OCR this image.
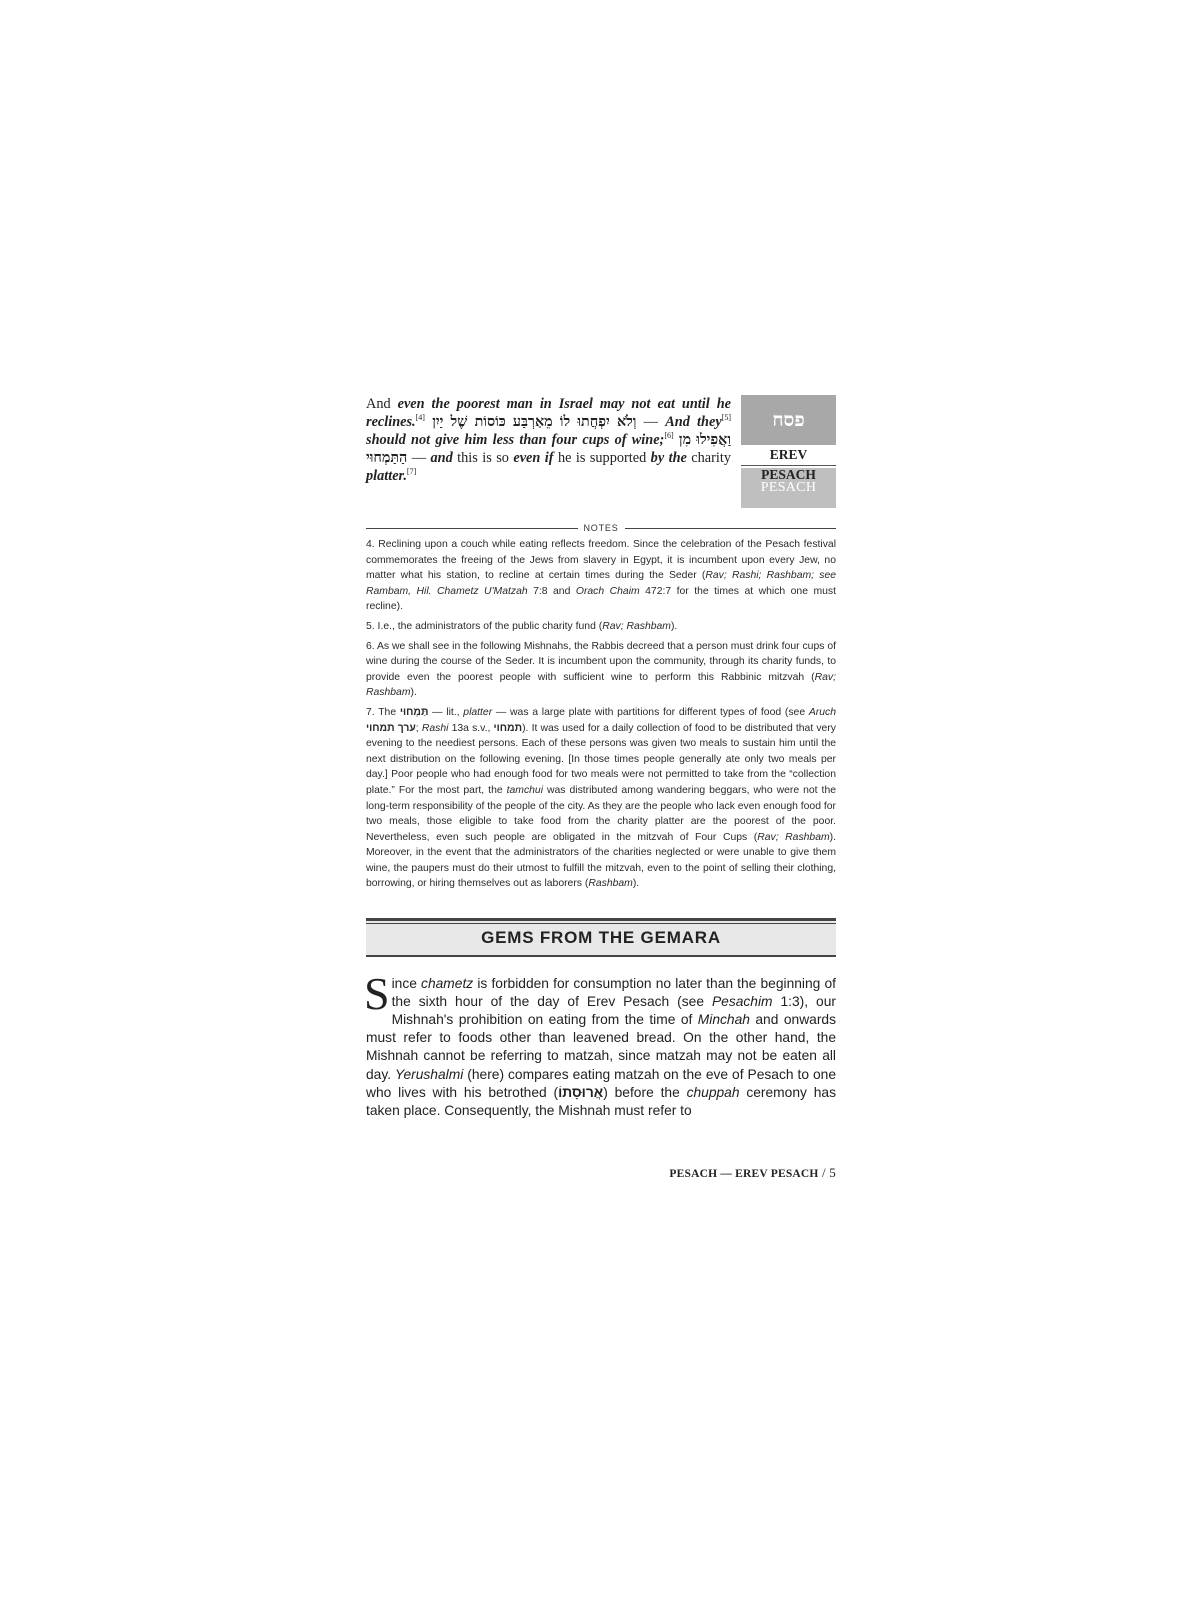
And even the poorest man in Israel may not eat until he reclines.[4] וְלֹא יִפְחֲתוּ לוֹ מֵאַרְבַּע כּוֹסוֹת שֶׁל יַיִן — And they[5] should not give him less than four cups of wine;[6] וַאֲפִילוּ מִן הַתַּמְחוּי — and this is so even if he is supported by the charity platter.[7]

פסח
EREV PESACH
PESACH
NOTES

4. Reclining upon a couch while eating reflects freedom. Since the celebration of the Pesach festival commemorates the freeing of the Jews from slavery in Egypt, it is incumbent upon every Jew, no matter what his station, to recline at certain times during the Seder (Rav; Rashi; Rashbam; see Rambam, Hil. Chametz U'Matzah 7:8 and Orach Chaim 472:7 for the times at which one must recline).

5. I.e., the administrators of the public charity fund (Rav; Rashbam).

6. As we shall see in the following Mishnahs, the Rabbis decreed that a person must drink four cups of wine during the course of the Seder. It is incumbent upon the community, through its charity funds, to provide even the poorest people with sufficient wine to perform this Rabbinic mitzvah (Rav; Rashbam).

7. The תַּמְחוּי — lit., platter — was a large plate with partitions for different types of food (see Aruch ערך תמחוי; Rashi 13a s.v., תמחוי). It was used for a daily collection of food to be distributed that very evening to the neediest persons. Each of these persons was given two meals to sustain him until the next distribution on the following evening. [In those times people generally ate only two meals per day.] Poor people who had enough food for two meals were not permitted to take from the “collection plate.” For the most part, the tamchui was distributed among wandering beggars, who were not the long-term responsibility of the people of the city. As they are the people who lack even enough food for two meals, those eligible to take food from the charity platter are the poorest of the poor. Nevertheless, even such people are obligated in the mitzvah of Four Cups (Rav; Rashbam). Moreover, in the event that the administrators of the charities neglected or were unable to give them wine, the paupers must do their utmost to fulfill the mitzvah, even to the point of selling their clothing, borrowing, or hiring themselves out as laborers (Rashbam).

GEMS FROM THE GEMARA
Since chametz is forbidden for consumption no later than the beginning of the sixth hour of the day of Erev Pesach (see Pesachim 1:3), our Mishnah's prohibition on eating from the time of Minchah and onwards must refer to foods other than leavened bread. On the other hand, the Mishnah cannot be referring to matzah, since matzah may not be eaten all day. Yerushalmi (here) compares eating matzah on the eve of Pesach to one who lives with his betrothed (אֲרוּסָתוֹ) before the chuppah ceremony has taken place. Consequently, the Mishnah must refer to
PESACH — EREV PESACH / 5
